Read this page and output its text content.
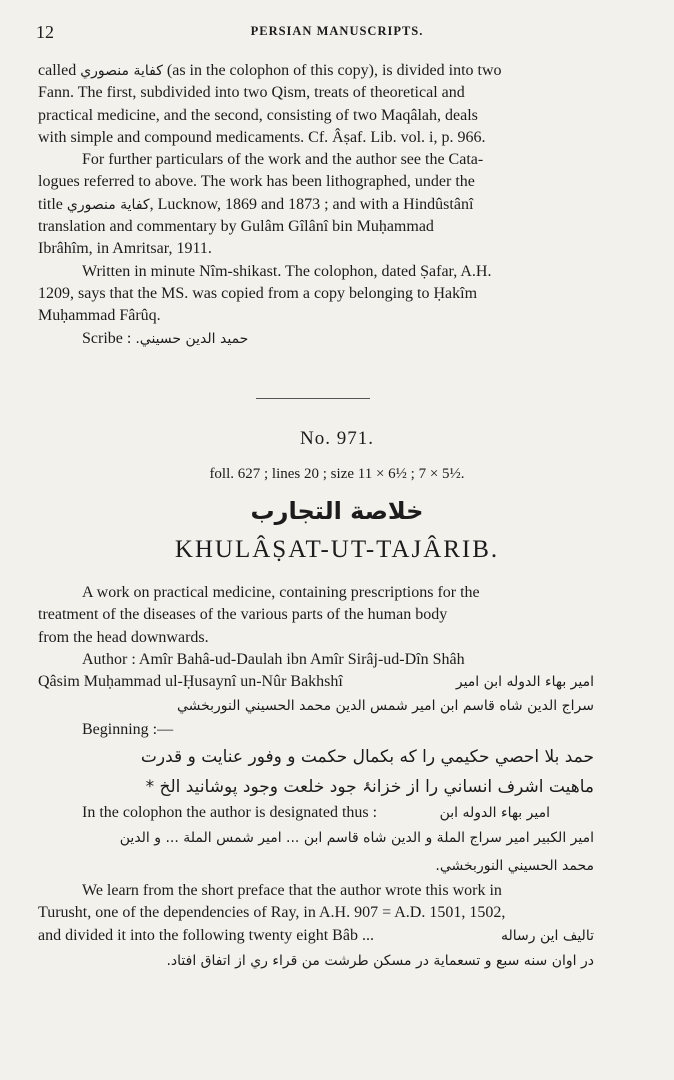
12	PERSIAN MANUSCRIPTS.

called كفاية منصوري (as in the colophon of this copy), is divided into two

Fann. The first, subdivided into two Qism, treats of theoretical and

practical medicine, and the second, consisting of two Maqâlah, deals

with simple and compound medicaments. Cf. Âṣaf. Lib. vol. i, p. 966.

For further particulars of the work and the author see the Cata-

logues referred to above. The work has been lithographed, under the

title كفاية منصوري, Lucknow, 1869 and 1873 ; and with a Hindûstânî

translation and commentary by Gulâm Gîlânî bin Muḥammad

Ibrâhîm, in Amritsar, 1911.

Written in minute Nîm-shikast. The colophon, dated Ṣafar, A.H.

1209, says that the MS. was copied from a copy belonging to Ḥakîm

Muḥammad Fârûq.

Scribe : حميد الدين حسيني.

No. 971.
foll. 627 ; lines 20 ; size 11 × 6½ ; 7 × 5½.
خلاصة التجارب
KHULÂṢAT-UT-TAJÂRIB.

A work on practical medicine, containing prescriptions for the

treatment of the diseases of the various parts of the human body

from the head downwards.

Author : Amîr Bahâ-ud-Daulah ibn Amîr Sirâj-ud-Dîn Shâh

Qâsim Muḥammad ul-Ḥusaynî un-Nûr Bakhshî	امير بهاء الدوله ابن امير

سراج الدين شاه قاسم ابن امير شمس الدين محمد الحسيني النوربخشي

Beginning :—

حمد بلا احصي حكيمي را كه بكمال حكمت و وفور عنايت و قدرت

ماهيت اشرف انساني را از خزانۂ جود خلعت وجود پوشانيد الخ *

In the colophon the author is designated thus :	امير بهاء الدوله ابن

امير الكبير امير سراج الملة و الدين شاه قاسم ابن ... امير شمس الملة ... و الدين

محمد الحسيني النوربخشي.

We learn from the short preface that the author wrote this work in

Turusht, one of the dependencies of Ray, in A.H. 907 = A.D. 1501, 1502,

and divided it into the following twenty eight Bâb ...	تاليف اين رساله

در اوان سنه سبع و تسعماية در مسكن طرشت من قراء ري از اتفاق افتاد.
